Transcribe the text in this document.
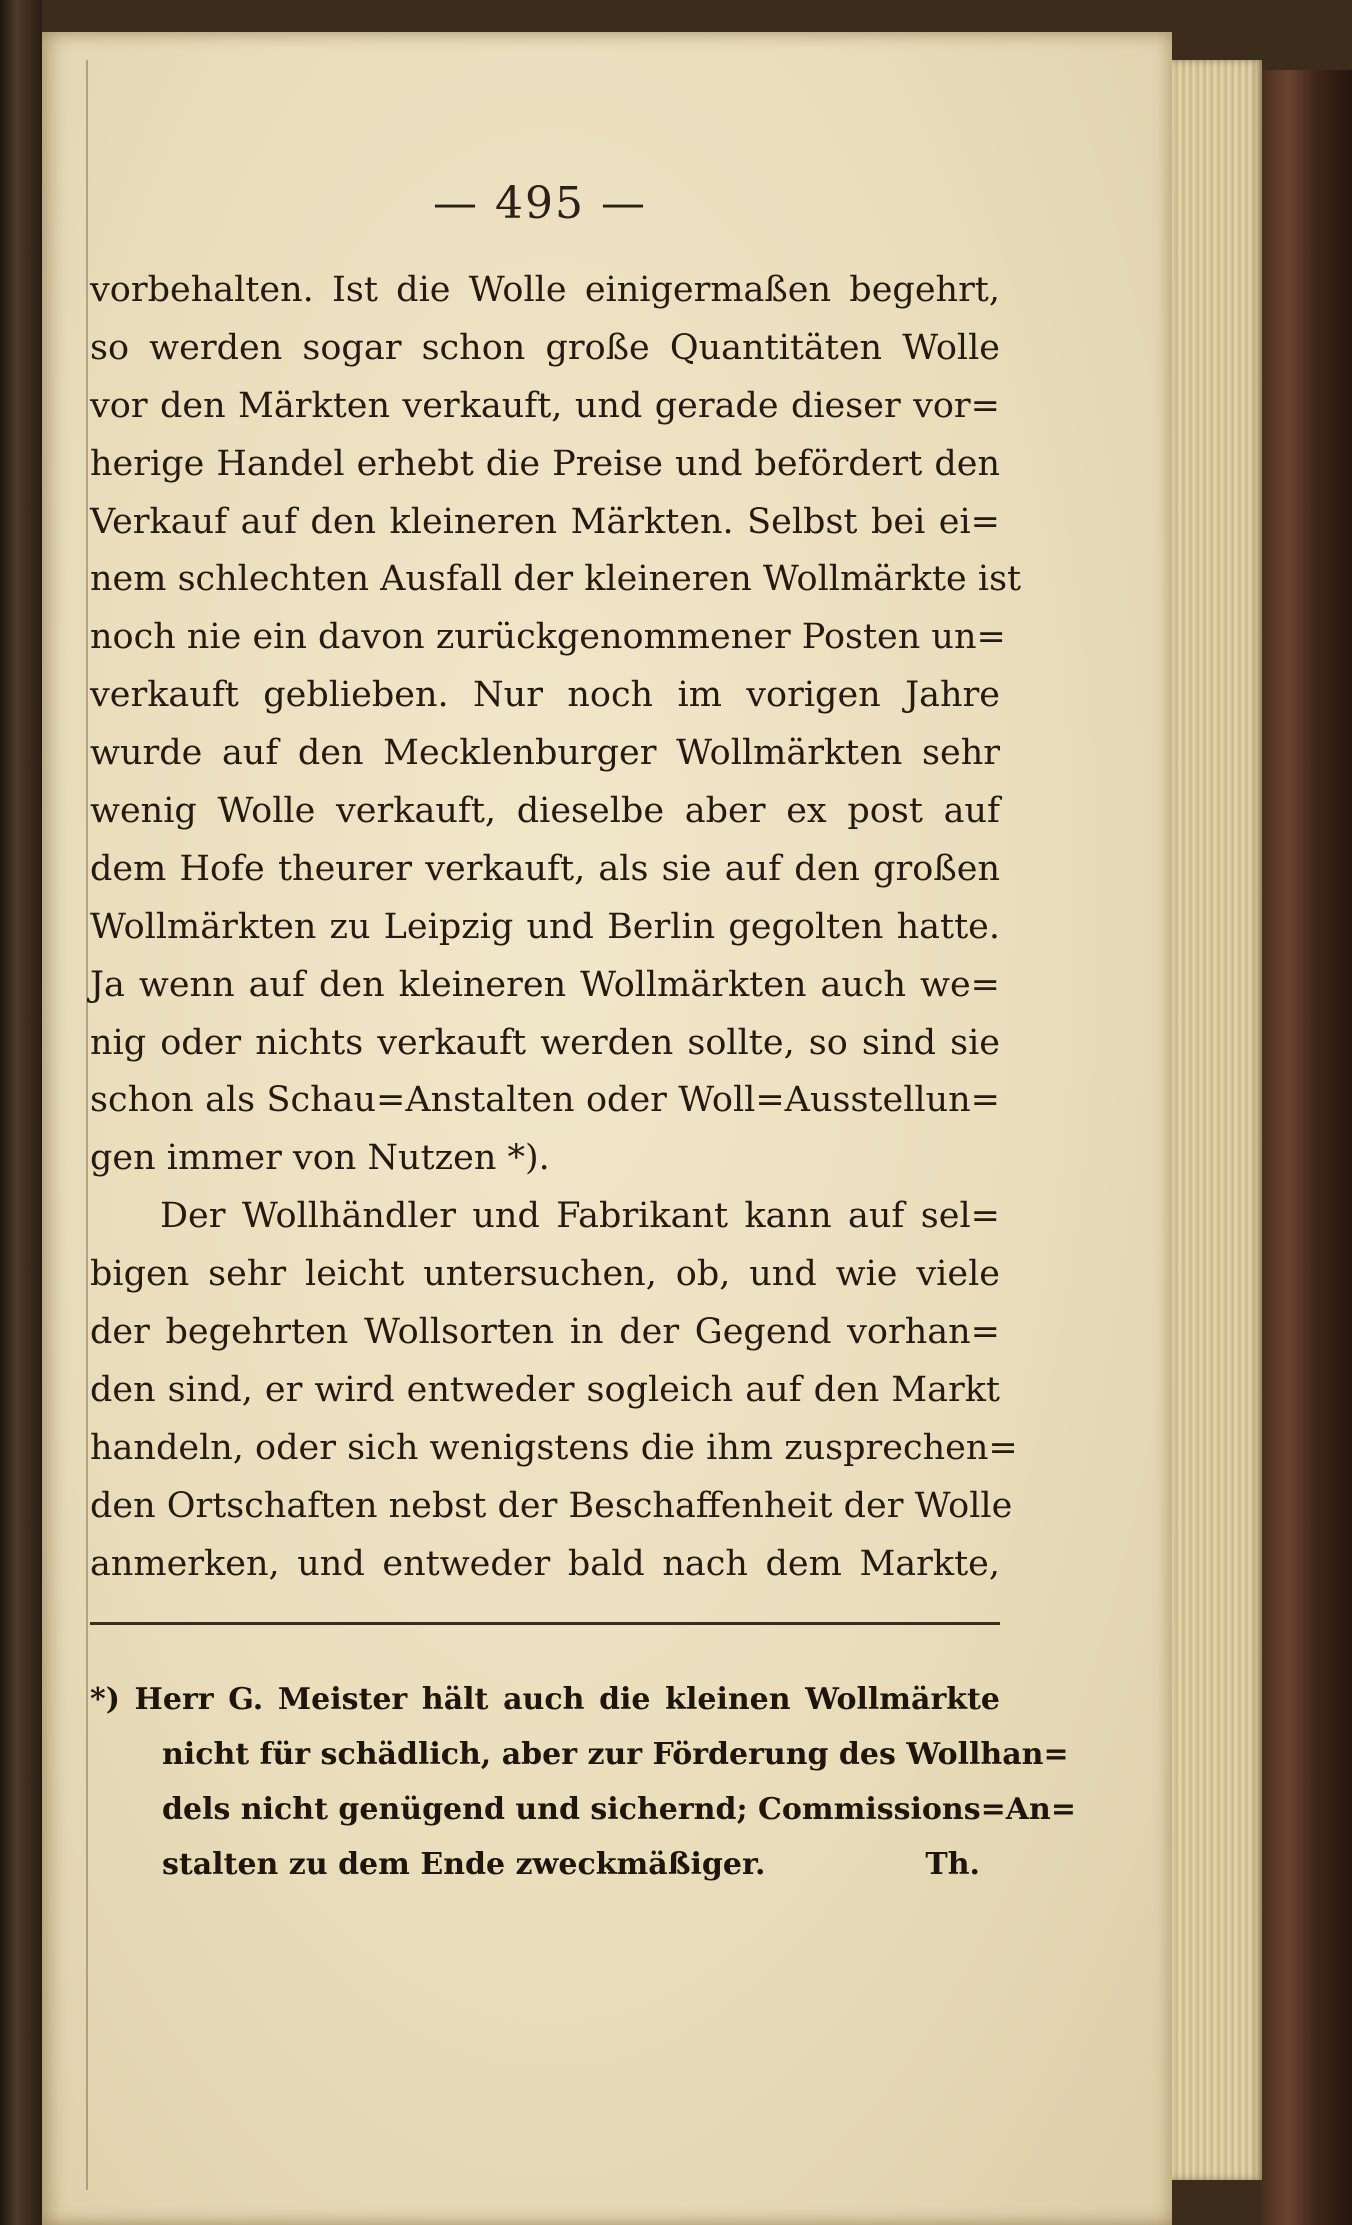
— 495 —
vorbehalten. Ist die Wolle einigermaßen begehrt,
so werden sogar schon große Quantitäten Wolle
vor den Märkten verkauft, und gerade dieser vor=
herige Handel erhebt die Preise und befördert den
Verkauf auf den kleineren Märkten. Selbst bei ei=
nem schlechten Ausfall der kleineren Wollmärkte ist
noch nie ein davon zurückgenommener Posten un=
verkauft geblieben. Nur noch im vorigen Jahre
wurde auf den Mecklenburger Wollmärkten sehr
wenig Wolle verkauft, dieselbe aber ex post auf
dem Hofe theurer verkauft, als sie auf den großen
Wollmärkten zu Leipzig und Berlin gegolten hatte.
Ja wenn auf den kleineren Wollmärkten auch we=
nig oder nichts verkauft werden sollte, so sind sie
schon als Schau=Anstalten oder Woll=Ausstellun=
gen immer von Nutzen *).
Der Wollhändler und Fabrikant kann auf sel=
bigen sehr leicht untersuchen, ob, und wie viele
der begehrten Wollsorten in der Gegend vorhan=
den sind, er wird entweder sogleich auf den Markt
handeln, oder sich wenigstens die ihm zusprechen=
den Ortschaften nebst der Beschaffenheit der Wolle
anmerken, und entweder bald nach dem Markte,
*) Herr G. Meister hält auch die kleinen Wollmärkte
nicht für schädlich, aber zur Förderung des Wollhan=
dels nicht genügend und sichernd; Commissions=An=
stalten zu dem Ende zweckmäßiger.	Th.
